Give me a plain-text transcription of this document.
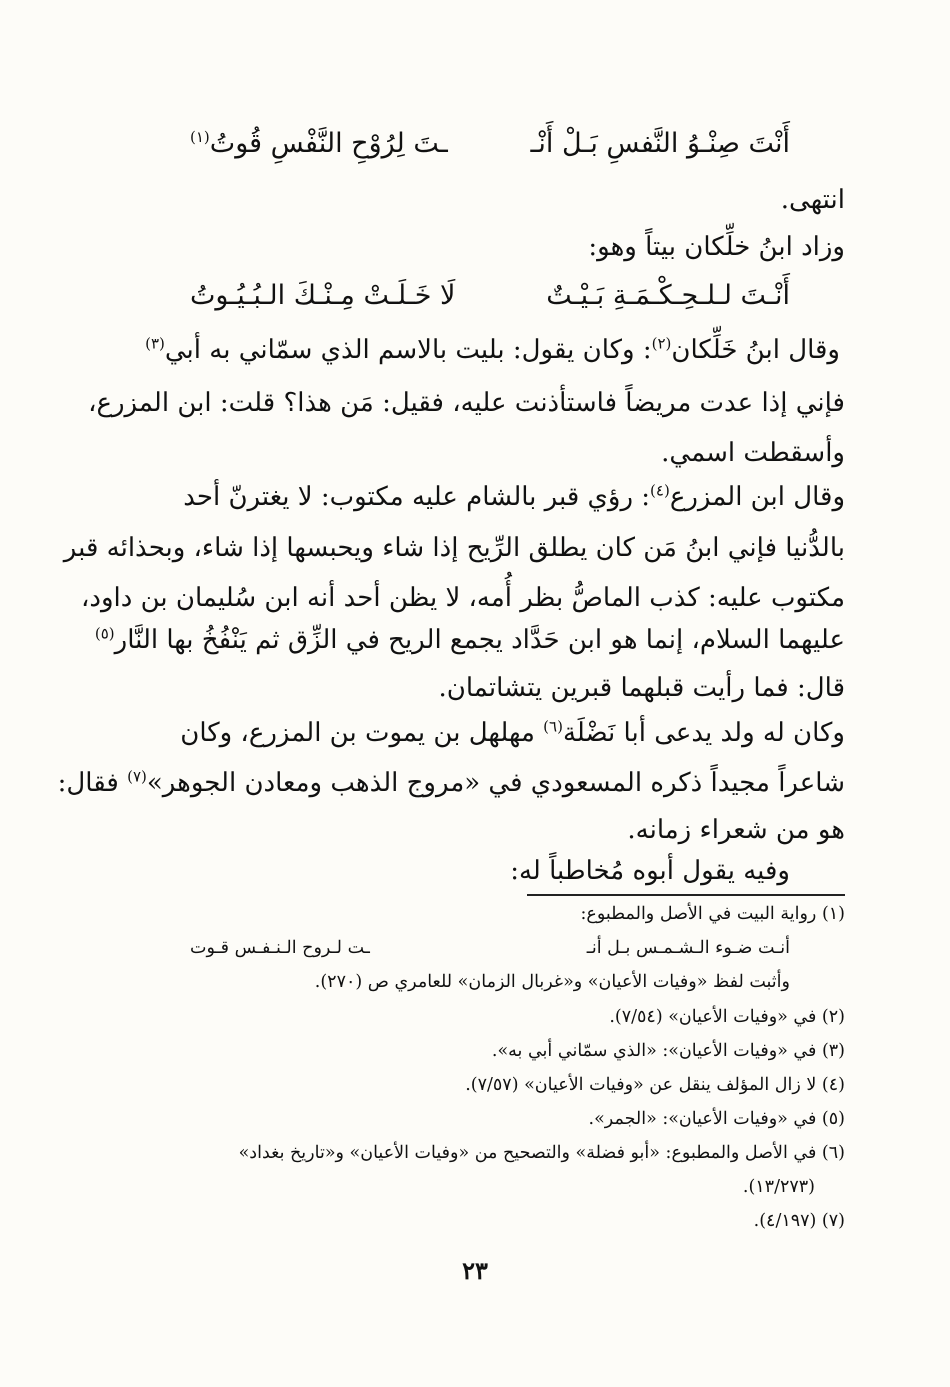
أَنْتَ صِنْـوُ النَّفسِ بَـلْ أَنْـ
ـتَ لِرُوْحِ النَّفْسِ قُوتُ$^{(١)}$
انتهى.
وزاد ابنُ خلِّكان بيتاً وهو:
أَنْـتَ لـلـحِـكْـمَـةِ بَـيْـتٌ
لَا خَـلَـتْ مِـنْـكَ الـبُـيُـوتُ
وقال ابنُ خَلِّكان$^{(٢)}$: وكان يقول: بليت بالاسم الذي سمّاني به أبي$^{(٣)}$
فإني إذا عدت مريضاً فاستأذنت عليه، فقيل: مَن هذا؟ قلت: ابن المزرع،
وأسقطت اسمي.
وقال ابن المزرع$^{(٤)}$: رؤي قبر بالشام عليه مكتوب: لا يغترنّ أحد
بالدُّنيا فإني ابنُ مَن كان يطلق الرِّيح إذا شاء ويحبسها إذا شاء، وبحذائه قبر
مكتوب عليه: كذب الماصُّ بظر أُمه، لا يظن أحد أنه ابن سُليمان بن داود،
عليهما السلام، إنما هو ابن حَدَّاد يجمع الريح في الزِّق ثم يَنْفُخُ بها النَّار$^{(٥)}$
قال: فما رأيت قبلهما قبرين يتشاتمان.
وكان له ولد يدعى أبا نَضْلَة$^{(٦)}$ مهلهل بن يموت بن المزرع، وكان
شاعراً مجيداً ذكره المسعودي في «مروج الذهب ومعادن الجوهر»$^{(٧)}$ فقال:
هو من شعراء زمانه.
وفيه يقول أبوه مُخاطباً له:
(١) رواية البيت في الأصل والمطبوع:
أنـت ضـوء الـشـمـس بـل أنـ
ـت لـروح الـنـفـس قـوت
وأثبت لفظ «وفيات الأعيان» و«غربال الزمان» للعامري ص (٢٧٠).
(٢) في «وفيات الأعيان» (٧/٥٤).
(٣) في «وفيات الأعيان»: «الذي سمّاني أبي به».
(٤) لا زال المؤلف ينقل عن «وفيات الأعيان» (٧/٥٧).
(٥) في «وفيات الأعيان»: «الجمر».
(٦) في الأصل والمطبوع: «أبو فضلة» والتصحيح من «وفيات الأعيان» و«تاريخ بغداد»
(١٣/٢٧٣).
(٧) (٤/١٩٧).
٢٣
